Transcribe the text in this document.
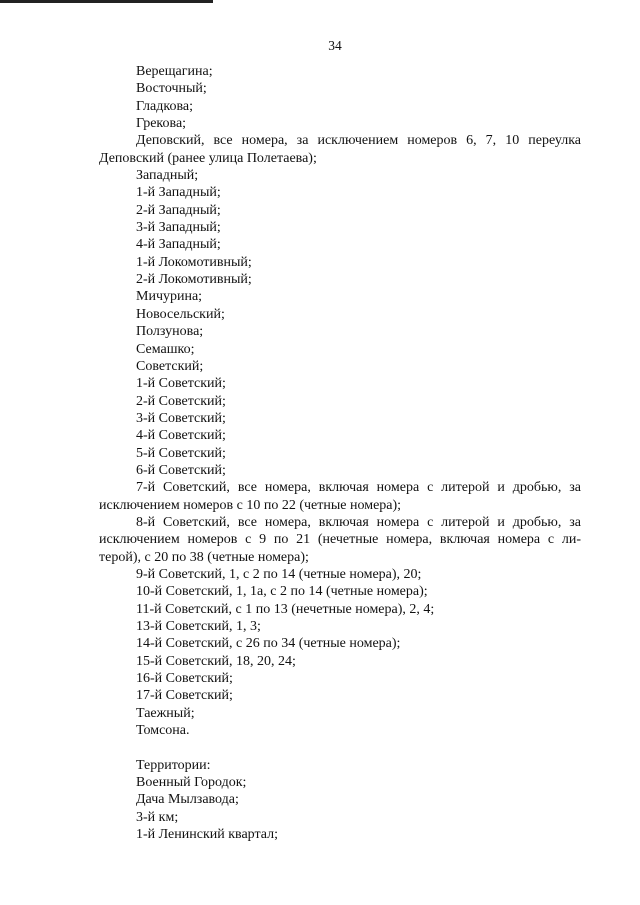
34
Верещагина;
Восточный;
Гладкова;
Грекова;
Деповский, все номера, за исключением номеров 6, 7, 10 переулка
Деповский (ранее улица Полетаева);
Западный;
1-й Западный;
2-й Западный;
3-й Западный;
4-й Западный;
1-й Локомотивный;
2-й Локомотивный;
Мичурина;
Новосельский;
Ползунова;
Семашко;
Советский;
1-й Советский;
2-й Советский;
3-й Советский;
4-й Советский;
5-й Советский;
6-й Советский;
7-й Советский, все номера, включая номера с литерой и дробью, за
исключением номеров с 10 по 22 (четные номера);
8-й Советский, все номера, включая номера с литерой и дробью, за
исключением номеров с 9 по 21 (нечетные номера, включая номера с ли-
терой), с 20 по 38 (четные номера);
9-й Советский, 1, с 2 по 14 (четные номера), 20;
10-й Советский, 1, 1а, с 2 по 14 (четные номера);
11-й Советский, с 1 по 13 (нечетные номера), 2, 4;
13-й Советский, 1, 3;
14-й Советский, с 26 по 34 (четные номера);
15-й Советский, 18, 20, 24;
16-й Советский;
17-й Советский;
Таежный;
Томсона.
Территории:
Военный Городок;
Дача Мылзавода;
3-й км;
1-й Ленинский квартал;
